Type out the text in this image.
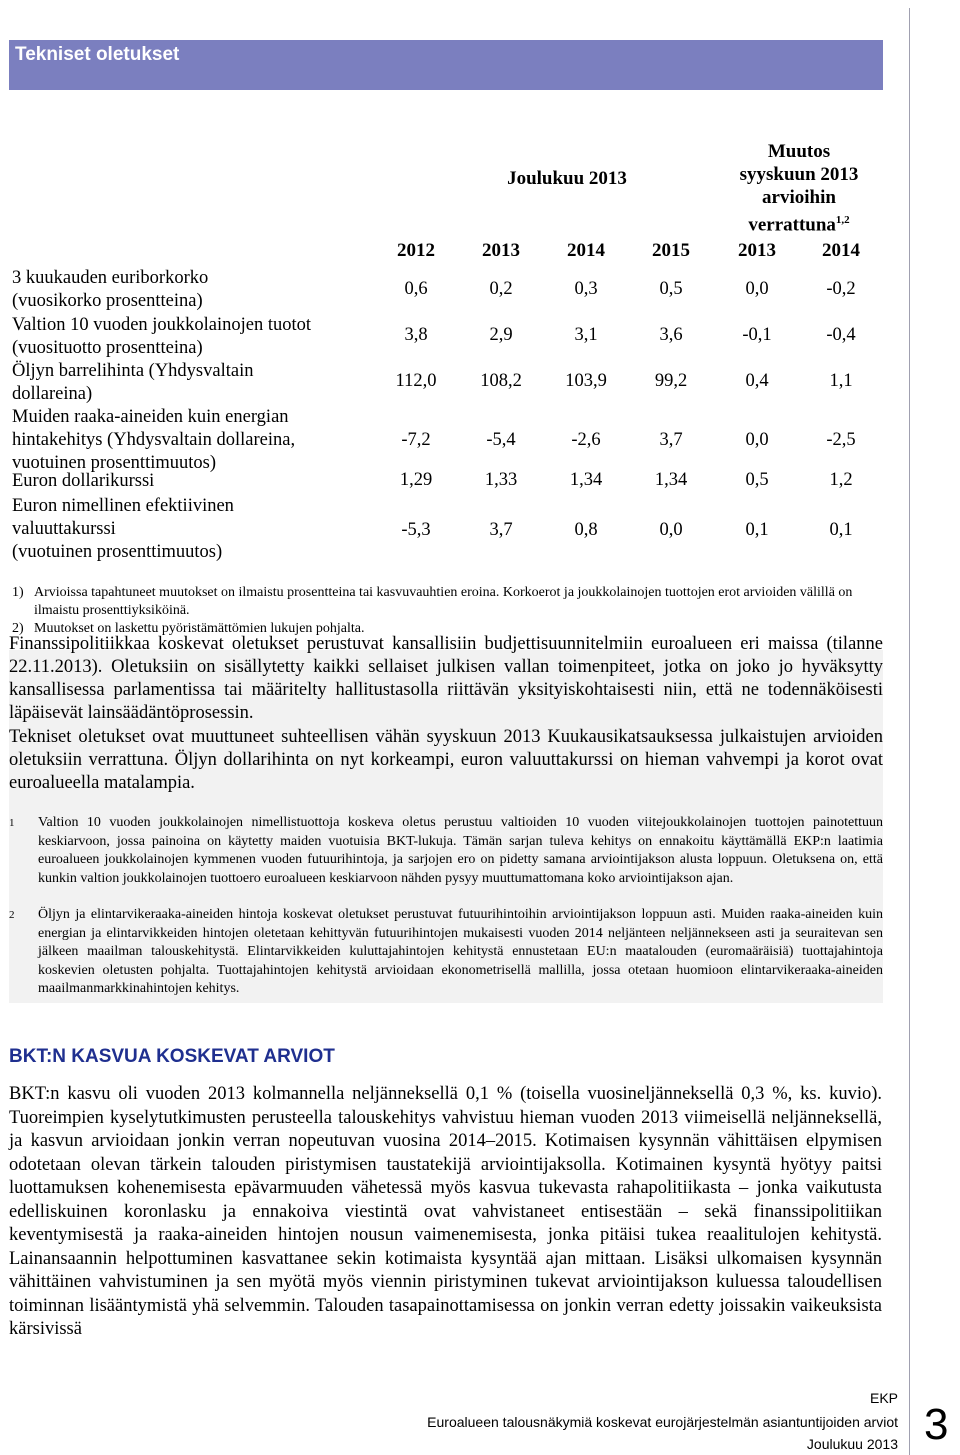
Tekniset oletukset
Joulukuu 2013
Muutos
syyskuun 2013
arvioihin
verrattuna$^{1,2}$
2012	2013	2014	2015	2013	2014
3 kuukauden euriborkorko
(vuosikorko prosentteina)
0,6	0,2	0,3	0,5	0,0	-0,2
Valtion 10 vuoden joukkolainojen tuotot
(vuosituotto prosentteina)
3,8	2,9	3,1	3,6	-0,1	-0,4
Öljyn barrelihinta (Yhdysvaltain
dollareina)
112,0	108,2	103,9	99,2	0,4	1,1
Muiden raaka-aineiden kuin energian
hintakehitys (Yhdysvaltain dollareina,
vuotuinen prosenttimuutos)
-7,2	-5,4	-2,6	3,7	0,0	-2,5
Euron dollarikurssi	1,29	1,33	1,34	1,34	0,5	1,2
Euron nimellinen efektiivinen
valuuttakurssi
(vuotuinen prosenttimuutos)
-5,3	3,7	0,8	0,0	0,1	0,1
1) Arvioissa tapahtuneet muutokset on ilmaistu prosentteina tai kasvuvauhtien eroina. Korkoerot ja joukkolainojen tuottojen erot arvioiden välillä on ilmaistu prosenttiyksiköinä.
2) Muutokset on laskettu pyöristämättömien lukujen pohjalta.
Finanssipolitiikkaa koskevat oletukset perustuvat kansallisiin budjettisuunnitelmiin euroalueen eri maissa (tilanne 22.11.2013). Oletuksiin on sisällytetty kaikki sellaiset julkisen vallan toimenpiteet, jotka on joko jo hyväksytty kansallisessa parlamentissa tai määritelty hallitustasolla riittävän yksityiskohtaisesti niin, että ne todennäköisesti läpäisevät lainsäädäntöprosessin.
Tekniset oletukset ovat muuttuneet suhteellisen vähän syyskuun 2013 Kuukausikatsauksessa julkaistujen arvioiden oletuksiin verrattuna. Öljyn dollarihinta on nyt korkeampi, euron valuuttakurssi on hieman vahvempi ja korot ovat euroalueella matalampia.
1 Valtion 10 vuoden joukkolainojen nimellistuottoja koskeva oletus perustuu valtioiden 10 vuoden viitejoukkolainojen tuottojen painotettuun keskiarvoon, jossa painoina on käytetty maiden vuotuisia BKT-lukuja. Tämän sarjan tuleva kehitys on ennakoitu käyttämällä EKP:n laatimia euroalueen joukkolainojen kymmenen vuoden futuurihintoja, ja sarjojen ero on pidetty samana arviointijakson alusta loppuun. Oletuksena on, että kunkin valtion joukkolainojen tuottoero euroalueen keskiarvoon nähden pysyy muuttumattomana koko arviointijakson ajan.
2 Öljyn ja elintarvikeraaka-aineiden hintoja koskevat oletukset perustuvat futuurihintoihin arviointijakson loppuun asti. Muiden raaka-aineiden kuin energian ja elintarvikkeiden hintojen oletetaan kehittyvän futuurihintojen mukaisesti vuoden 2014 neljänteen neljännekseen asti ja seuraitevan sen jälkeen maailman talouskehitystä. Elintarvikkeiden kuluttajahintojen kehitystä ennustetaan EU:n maatalouden (euromaäräisiä) tuottajahintoja koskevien oletusten pohjalta. Tuottajahintojen kehitystä arvioidaan ekonometrisellä mallilla, jossa otetaan huomioon elintarvikeraaka-aineiden maailmanmarkkinahintojen kehitys.
BKT:N KASVUA KOSKEVAT ARVIOT
BKT:n kasvu oli vuoden 2013 kolmannella neljänneksellä 0,1 % (toisella vuosineljänneksellä 0,3 %, ks. kuvio). Tuoreimpien kyselytutkimusten perusteella talouskehitys vahvistuu hieman vuoden 2013 viimeisellä neljänneksellä, ja kasvun arvioidaan jonkin verran nopeutuvan vuosina 2014–2015. Kotimaisen kysynnän vähittäisen elpymisen odotetaan olevan tärkein talouden piristymisen taustatekijä arviointijaksolla. Kotimainen kysyntä hyötyy paitsi luottamuksen kohenemisesta epävarmuuden vähetessä myös kasvua tukevasta rahapolitiikasta – jonka vaikutusta edelliskuinen koronlasku ja ennakoiva viestintä ovat vahvistaneet entisestään – sekä finanssipolitiikan keventymisestä ja raaka-aineiden hintojen nousun vaimenemisesta, jonka pitäisi tukea reaalitulojen kehitystä. Lainansaannin helpottuminen kasvattanee sekin kotimaista kysyntää ajan mittaan. Lisäksi ulkomaisen kysynnän vähittäinen vahvistuminen ja sen myötä myös viennin piristyminen tukevat arviointijakson kuluessa taloudellisen toiminnan lisääntymistä yhä selvemmin. Talouden tasapainottamisessa on jonkin verran edetty joissakin vaikeuksista kärsivissä
EKP
Euroalueen talousnäkymiä koskevat eurojärjestelmän asiantuntijoiden arviot
Joulukuu 2013 3
